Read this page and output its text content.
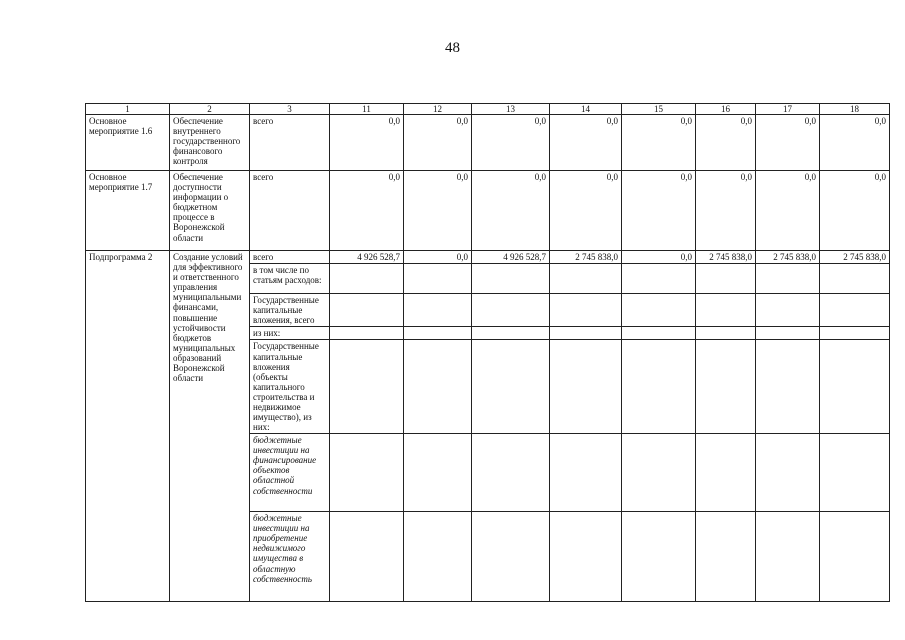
48
1	2	3	11	12	13	14	15	16	17	18
Основное мероприятие 1.6	Обеспечение внутреннего государственного финансового контроля	всего	0,0	0,0	0,0	0,0	0,0	0,0	0,0	0,0
Основное мероприятие 1.7	Обеспечение доступности информации о бюджетном процессе в Воронежской области	всего	0,0	0,0	0,0	0,0	0,0	0,0	0,0	0,0
Подпрограмма 2	Создание условий для эффективного и ответственного управления муниципальными финансами, повышение устойчивости бюджетов муниципальных образований Воронежской области	всего	4 926 528,7	0,0	4 926 528,7	2 745 838,0	0,0	2 745 838,0	2 745 838,0	2 745 838,0
		в том числе по статьям расходов:								
		Государственные капитальные вложения, всего								
		из них:								
		Государственные капитальные вложения (объекты капитального строительства и недвижимое имущество), из них:								
		бюджетные инвестиции на финансирование объектов областной собственности								
		бюджетные инвестиции на приобретение недвижимого имущества в областную собственность								
